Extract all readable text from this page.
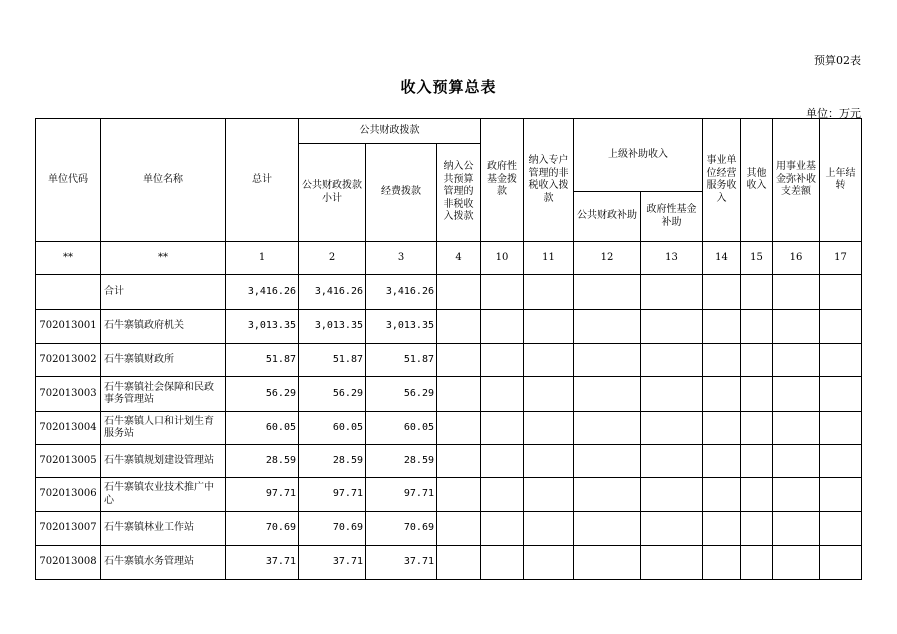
预算02表
收入预算总表
单位：万元
单位代码	单位名称	总计	公共财政拨款			政府性基金拨款	纳入专户管理的非税收入拨款	上级补助收入		事业单位经营服务收入	其他收入	用事业基金弥补收支差额	上年结转
			公共财政拨款小计	经费拨款	纳入公共预算管理的非税收入拨款								
								公共财政补助	政府性基金补助				
**	**	1	2	3	4	10	11	12	13	14	15	16	17
	合计	3,416.26	3,416.26	3,416.26									
702013001	石牛寨镇政府机关	3,013.35	3,013.35	3,013.35									
702013002	石牛寨镇财政所	51.87	51.87	51.87									
702013003	石牛寨镇社会保障和民政事务管理站	56.29	56.29	56.29									
702013004	石牛寨镇人口和计划生育服务站	60.05	60.05	60.05									
702013005	石牛寨镇规划建设管理站	28.59	28.59	28.59									
702013006	石牛寨镇农业技术推广中心	97.71	97.71	97.71									
702013007	石牛寨镇林业工作站	70.69	70.69	70.69									
702013008	石牛寨镇水务管理站	37.71	37.71	37.71									
